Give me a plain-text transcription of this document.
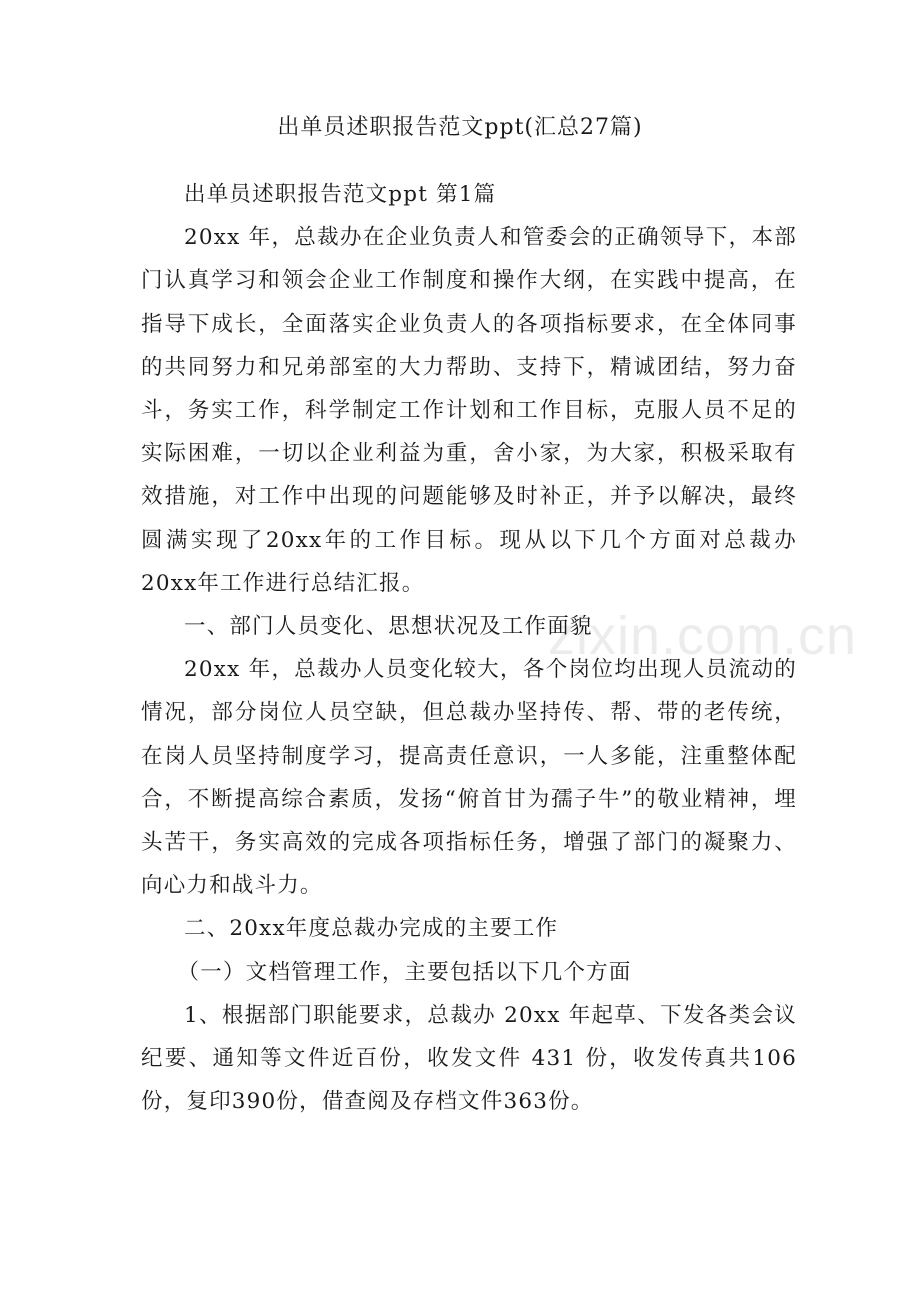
出单员述职报告范文ppt(汇总27篇)

出单员述职报告范文ppt 第1篇

20xx 年，总裁办在企业负责人和管委会的正确领导下，本部门认真学习和领会企业工作制度和操作大纲，在实践中提高，在指导下成长，全面落实企业负责人的各项指标要求，在全体同事的共同努力和兄弟部室的大力帮助、支持下，精诚团结，努力奋斗，务实工作，科学制定工作计划和工作目标，克服人员不足的实际困难，一切以企业利益为重，舍小家，为大家，积极采取有效措施，对工作中出现的问题能够及时补正，并予以解决，最终圆满实现了20xx年的工作目标。现从以下几个方面对总裁办20xx年工作进行总结汇报。

一、部门人员变化、思想状况及工作面貌

20xx 年，总裁办人员变化较大，各个岗位均出现人员流动的情况，部分岗位人员空缺，但总裁办坚持传、帮、带的老传统，在岗人员坚持制度学习，提高责任意识，一人多能，注重整体配合，不断提高综合素质，发扬“俯首甘为孺子牛”的敬业精神，埋头苦干，务实高效的完成各项指标任务，增强了部门的凝聚力、向心力和战斗力。

二、20xx年度总裁办完成的主要工作

（一）文档管理工作，主要包括以下几个方面

1、根据部门职能要求，总裁办 20xx 年起草、下发各类会议纪要、通知等文件近百份，收发文件 431 份，收发传真共106份，复印390份，借查阅及存档文件363份。

zixin.com.cn
